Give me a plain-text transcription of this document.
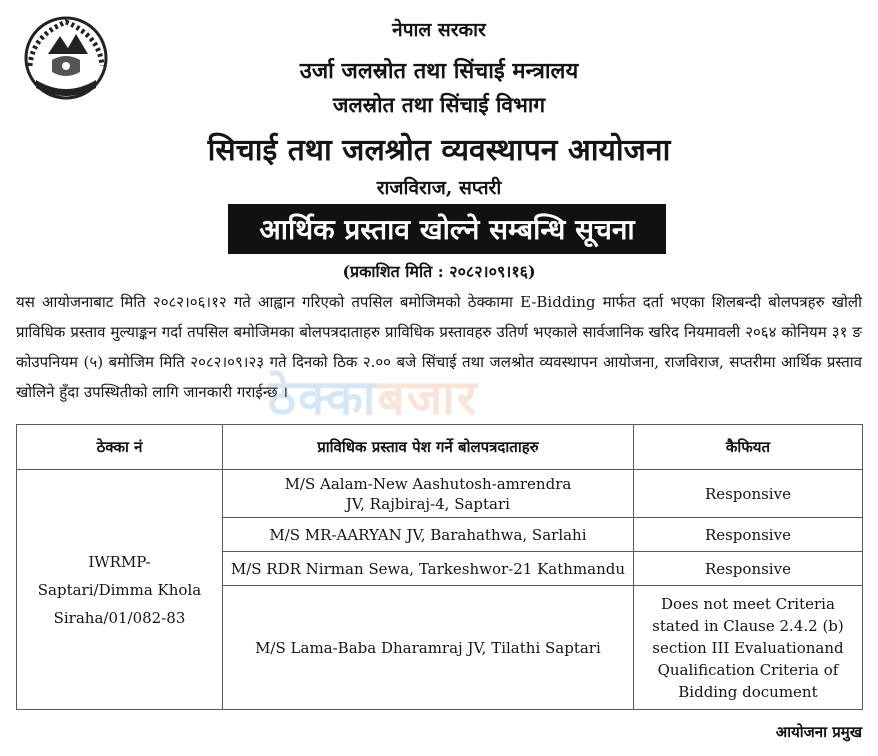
नेपाल सरकार
उर्जा जलस्रोत तथा सिंचाई मन्त्रालय
जलस्रोत तथा सिंचाई विभाग
सिचाई तथा जलश्रोत व्यवस्थापन आयोजना
राजविराज, सप्तरी
आर्थिक प्रस्ताव खोल्ने सम्बन्धि सूचना
(प्रकाशित मिति : २०८२।०९।१६)
यस आयोजनाबाट मिति २०८२।०६।१२ गते आह्वान गरिएको तपसिल बमोजिमको ठेक्कामा E-Bidding मार्फत दर्ता भएका शिलबन्दी बोलपत्रहरु खोली प्राविधिक प्रस्ताव मुल्याङ्कन गर्दा तपसिल बमोजिमका बोलपत्रदाताहरु प्राविधिक प्रस्तावहरु उतिर्ण भएकाले सार्वजानिक खरिद नियमावली २०६४ कोनियम ३१ ङ कोउपनियम (५) बमोजिम मिति २०८२।०९।२३ गते दिनको ठिक २.०० बजे सिंचाई तथा जलश्रोत व्यवस्थापन आयोजना, राजविराज, सप्तरीमा आर्थिक प्रस्ताव खोलिने हुँदा उपस्थितीको लागि जानकारी गराईन्छ ।
ठेक्काबजार
ठेक्का नं	प्राविधिक प्रस्ताव पेश गर्ने बोलपत्रदाताहरु	कैफियत
IWRMP-Saptari/Dimma Khola Siraha/01/082-83	M/S Aalam-New Aashutosh-amrendra JV, Rajbiraj-4, Saptari	Responsive
	M/S MR-AARYAN JV, Barahathwa, Sarlahi	Responsive
	M/S RDR Nirman Sewa, Tarkeshwor-21 Kathmandu	Responsive
	M/S Lama-Baba Dharamraj JV, Tilathi Saptari	Does not meet Criteria stated in Clause 2.4.2 (b) section III Evaluationand Qualification Criteria of Bidding document
आयोजना प्रमुख
